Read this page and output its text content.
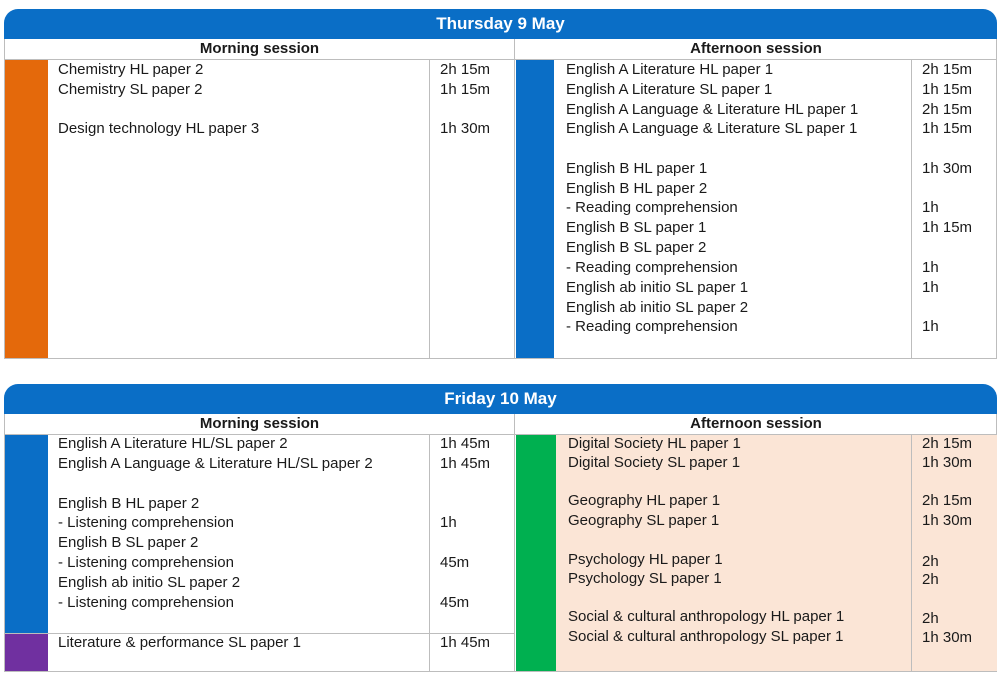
Thursday 9 May
Morning session	Afternoon session
Chemistry HL paper 2	2h 15m
Chemistry SL paper 2	1h 15m
Design technology HL paper 3	1h 30m
English A Literature HL paper 1	2h 15m
English A Literature SL paper 1	1h 15m
English A Language & Literature HL paper 1	2h 15m
English A Language & Literature SL paper 1	1h 15m
English B HL paper 1	1h 30m
English B HL paper 2
- Reading comprehension	1h
English B SL paper 1	1h 15m
English B SL paper 2
- Reading comprehension	1h
English ab initio SL paper 1	1h
English ab initio SL paper 2
- Reading comprehension	1h
Friday 10 May
Morning session	Afternoon session
English A Literature HL/SL paper 2	1h 45m
English A Language & Literature HL/SL paper 2	1h 45m
English B HL paper 2
- Listening comprehension	1h
English B SL paper 2
- Listening comprehension	45m
English ab initio SL paper 2
- Listening comprehension	45m
Literature & performance SL paper 1	1h 45m
Digital Society HL paper 1	2h 15m
Digital Society SL paper 1	1h 30m
Geography HL paper 1	2h 15m
Geography SL paper 1	1h 30m
Psychology HL paper 1	2h
Psychology SL paper 1	2h
Social & cultural anthropology HL paper 1	2h
Social & cultural anthropology SL paper 1	1h 30m
